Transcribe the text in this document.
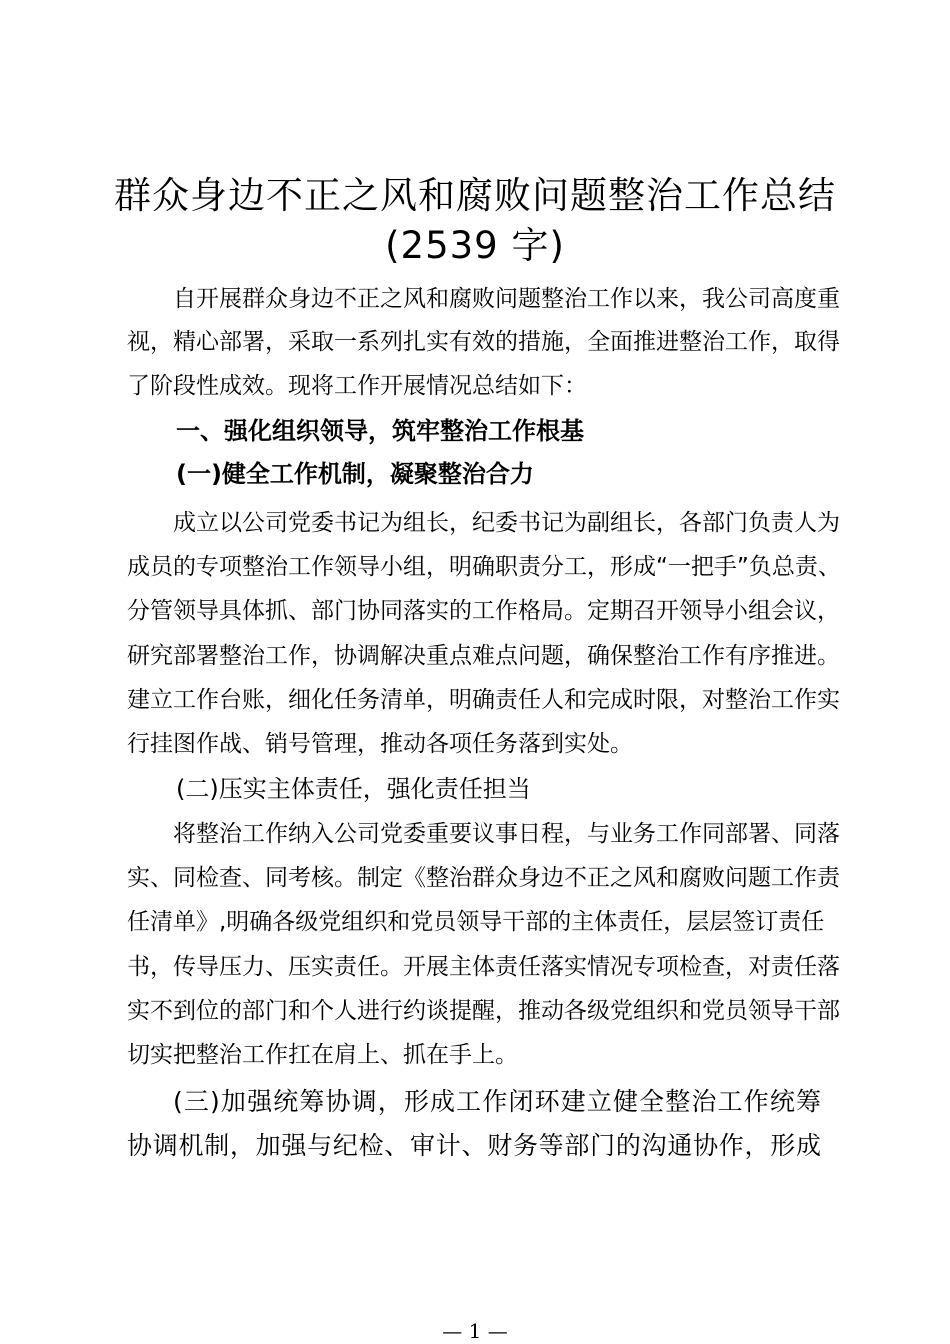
群众身边不正之风和腐败问题整治工作总结
(2539 字)
自开展群众身边不正之风和腐败问题整治工作以来，我公司高度重
视，精心部署，采取一系列扎实有效的措施，全面推进整治工作，取得
了阶段性成效。现将工作开展情况总结如下：
一、强化组织领导，筑牢整治工作根基
(一)健全工作机制，凝聚整治合力
成立以公司党委书记为组长，纪委书记为副组长，各部门负责人为
成员的专项整治工作领导小组，明确职责分工，形成“一把手”负总责、
分管领导具体抓、部门协同落实的工作格局。定期召开领导小组会议，
研究部署整治工作，协调解决重点难点问题，确保整治工作有序推进。
建立工作台账，细化任务清单，明确责任人和完成时限，对整治工作实
行挂图作战、销号管理，推动各项任务落到实处。
(二)压实主体责任，强化责任担当
将整治工作纳入公司党委重要议事日程，与业务工作同部署、同落
实、同检查、同考核。制定《整治群众身边不正之风和腐败问题工作责
任清单》,明确各级党组织和党员领导干部的主体责任，层层签订责任
书，传导压力、压实责任。开展主体责任落实情况专项检查，对责任落
实不到位的部门和个人进行约谈提醒，推动各级党组织和党员领导干部
切实把整治工作扛在肩上、抓在手上。
(三)加强统筹协调，形成工作闭环建立健全整治工作统筹
协调机制，加强与纪检、审计、财务等部门的沟通协作，形成
— 1 —
